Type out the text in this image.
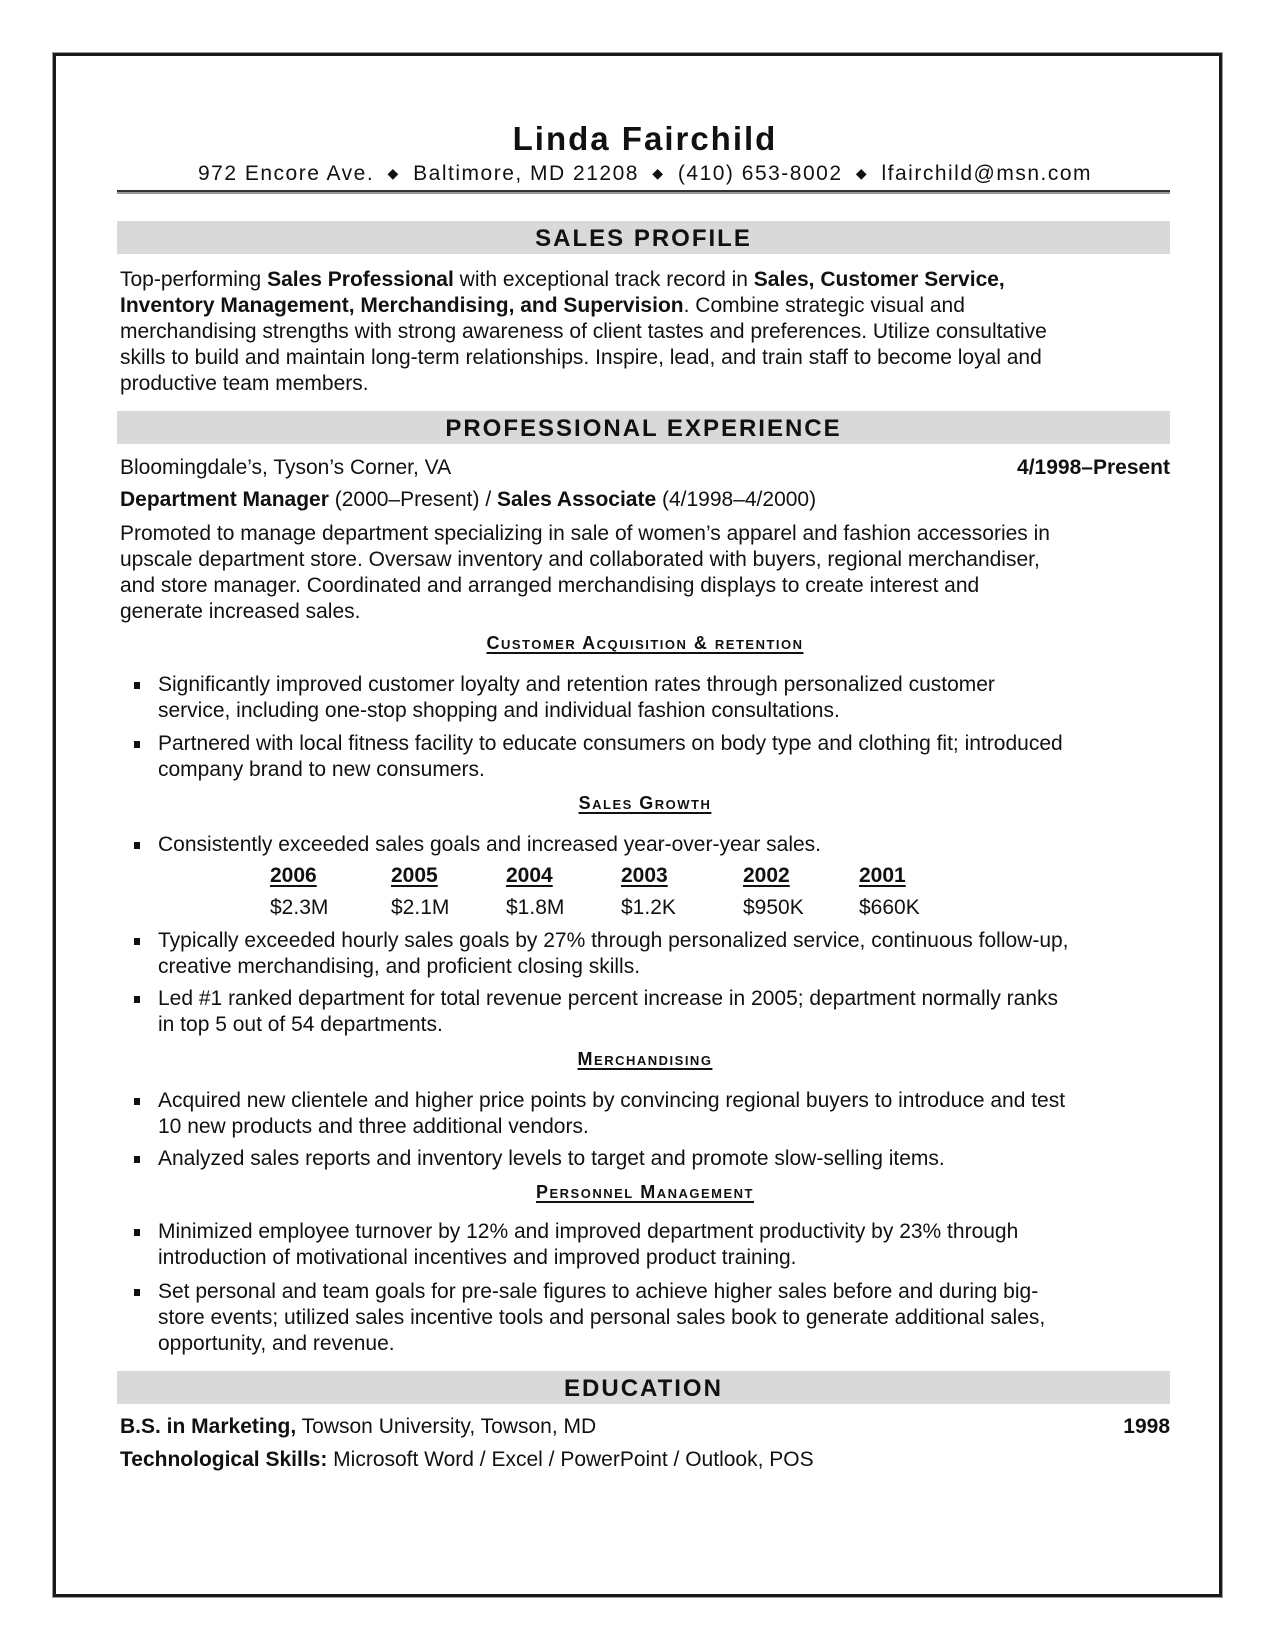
Linda Fairchild
972 Encore Ave. ◆ Baltimore, MD 21208 ◆ (410) 653-8002 ◆ lfairchild@msn.com
SALES PROFILE
Top-performing Sales Professional with exceptional track record in Sales, Customer Service,
Inventory Management, Merchandising, and Supervision. Combine strategic visual and
merchandising strengths with strong awareness of client tastes and preferences. Utilize consultative
skills to build and maintain long-term relationships. Inspire, lead, and train staff to become loyal and
productive team members.
PROFESSIONAL EXPERIENCE
Bloomingdale’s, Tyson’s Corner, VA	4/1998–Present
Department Manager (2000–Present) / Sales Associate (4/1998–4/2000)
Promoted to manage department specializing in sale of women’s apparel and fashion accessories in
upscale department store. Oversaw inventory and collaborated with buyers, regional merchandiser,
and store manager. Coordinated and arranged merchandising displays to create interest and
generate increased sales.
Customer Acquisition & retention
Significantly improved customer loyalty and retention rates through personalized customer
service, including one-stop shopping and individual fashion consultations.
Partnered with local fitness facility to educate consumers on body type and clothing fit; introduced
company brand to new consumers.
Sales Growth
Consistently exceeded sales goals and increased year-over-year sales.
2006
$2.3M
2005
$2.1M
2004
$1.8M
2003
$1.2K
2002
$950K
2001
$660K
Typically exceeded hourly sales goals by 27% through personalized service, continuous follow-up,
creative merchandising, and proficient closing skills.
Led #1 ranked department for total revenue percent increase in 2005; department normally ranks
in top 5 out of 54 departments.
Merchandising
Acquired new clientele and higher price points by convincing regional buyers to introduce and test
10 new products and three additional vendors.
Analyzed sales reports and inventory levels to target and promote slow-selling items.
Personnel Management
Minimized employee turnover by 12% and improved department productivity by 23% through
introduction of motivational incentives and improved product training.
Set personal and team goals for pre-sale figures to achieve higher sales before and during big-
store events; utilized sales incentive tools and personal sales book to generate additional sales,
opportunity, and revenue.
EDUCATION
B.S. in Marketing, Towson University, Towson, MD	1998
Technological Skills: Microsoft Word / Excel / PowerPoint / Outlook, POS
